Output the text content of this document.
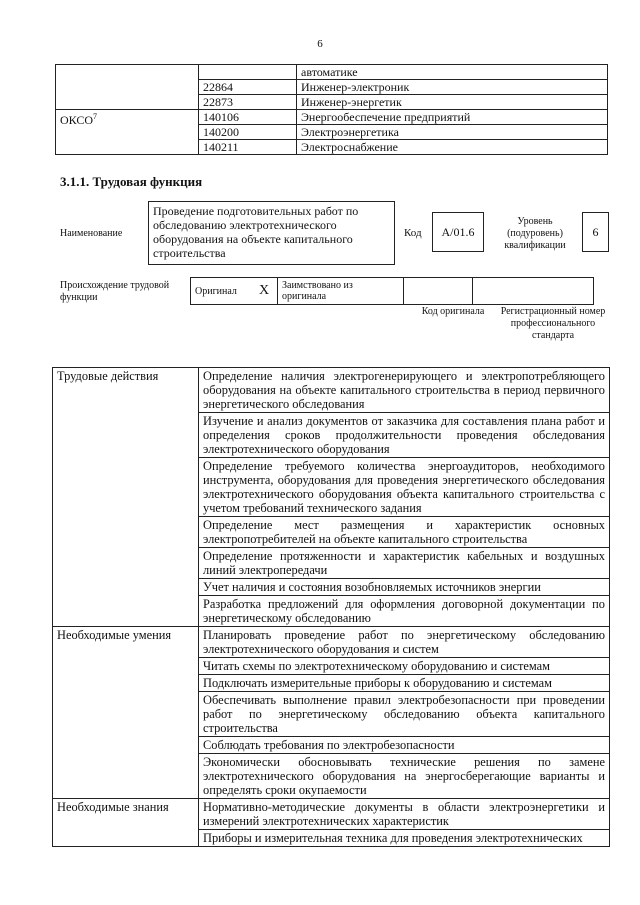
6
		автоматике
	22864	Инженер-электроник
	22873	Инженер-энергетик
ОКСО$^7$	140106	Энергообеспечение предприятий
	140200	Электроэнергетика
	140211	Электроснабжение
3.1.1. Трудовая функция
Наименование
Проведение подготовительных работ по обследованию электротехнического оборудования на объекте капитального строительства
Код	А/01.6
Уровень (подуровень) квалификации
6
Происхождение трудовой функции
Оригинал	X	Заимствовано из оригинала		
Код оригинала	Регистрационный номер профессионального стандарта
Трудовые действия	Определение наличия электрогенерирующего и электропотребляющего оборудования на объекте капитального строительства в период первичного энергетического обследования
	Изучение и анализ документов от заказчика для составления плана работ и определения сроков продолжительности проведения обследования электротехнического оборудования
	Определение требуемого количества энергоаудиторов, необходимого инструмента, оборудования для проведения энергетического обследования электротехнического оборудования объекта капитального строительства с учетом требований технического задания
	Определение мест размещения и характеристик основных электропотребителей на объекте капитального строительства
	Определение протяженности и характеристик кабельных и воздушных линий электропередачи
	Учет наличия и состояния возобновляемых источников энергии
	Разработка предложений для оформления договорной документации по энергетическому обследованию
Необходимые умения	Планировать проведение работ по энергетическому обследованию электротехнического оборудования и систем
	Читать схемы по электротехническому оборудованию и системам
	Подключать измерительные приборы к оборудованию и системам
	Обеспечивать выполнение правил электробезопасности при проведении работ по энергетическому обследованию объекта капитального строительства
	Соблюдать требования по электробезопасности
	Экономически обосновывать технические решения по замене электротехнического оборудования на энергосберегающие варианты и определять сроки окупаемости
Необходимые знания	Нормативно-методические документы в области электроэнергетики и измерений электротехнических характеристик
	Приборы и измерительная техника для проведения электротехнических
